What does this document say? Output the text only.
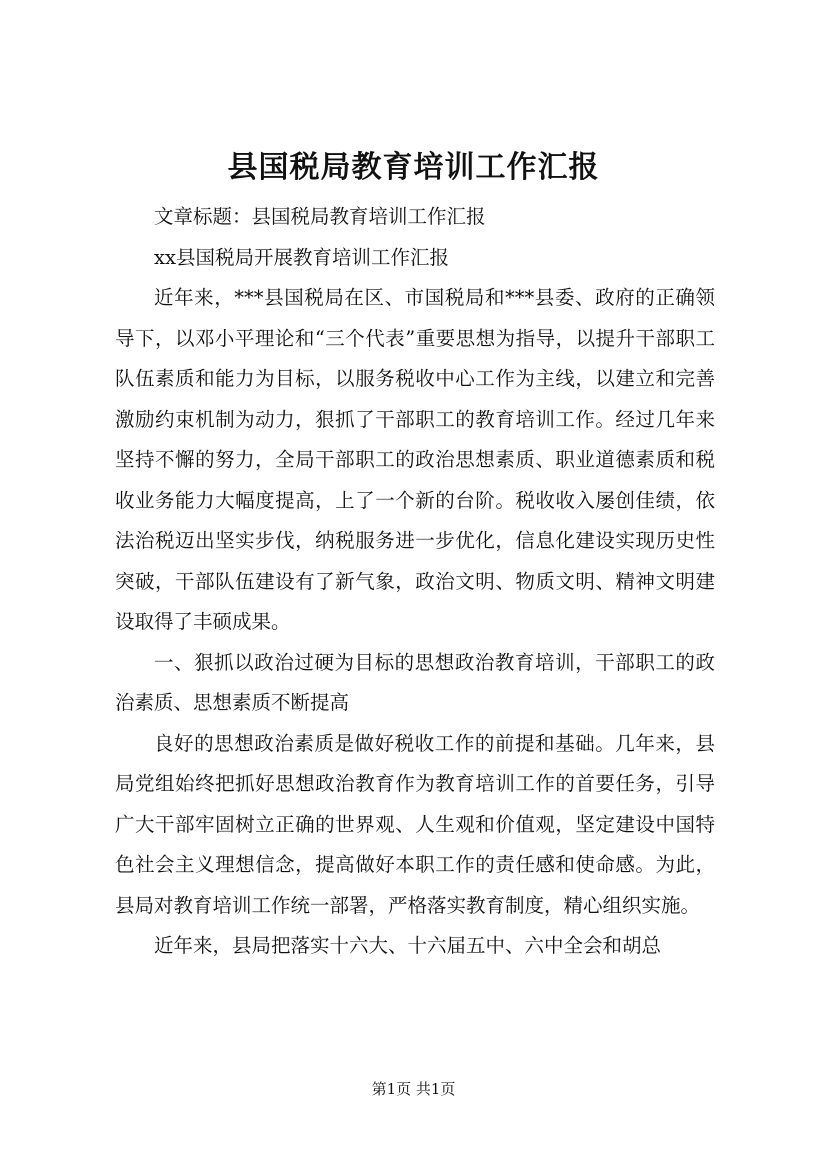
县国税局教育培训工作汇报

文章标题：县国税局教育培训工作汇报

xx县国税局开展教育培训工作汇报

近年来，***县国税局在区、市国税局和***县委、政府的正确领导下，以邓小平理论和“三个代表”重要思想为指导，以提升干部职工队伍素质和能力为目标，以服务税收中心工作为主线，以建立和完善激励约束机制为动力，狠抓了干部职工的教育培训工作。经过几年来坚持不懈的努力，全局干部职工的政治思想素质、职业道德素质和税收业务能力大幅度提高，上了一个新的台阶。税收收入屡创佳绩，依法治税迈出坚实步伐，纳税服务进一步优化，信息化建设实现历史性突破，干部队伍建设有了新气象，政治文明、物质文明、精神文明建设取得了丰硕成果。

一、狠抓以政治过硬为目标的思想政治教育培训，干部职工的政治素质、思想素质不断提高

良好的思想政治素质是做好税收工作的前提和基础。几年来，县局党组始终把抓好思想政治教育作为教育培训工作的首要任务，引导广大干部牢固树立正确的世界观、人生观和价值观，坚定建设中国特色社会主义理想信念，提高做好本职工作的责任感和使命感。为此，县局对教育培训工作统一部署，严格落实教育制度，精心组织实施。

近年来，县局把落实十六大、十六届五中、六中全会和胡总

第1页 共1页
